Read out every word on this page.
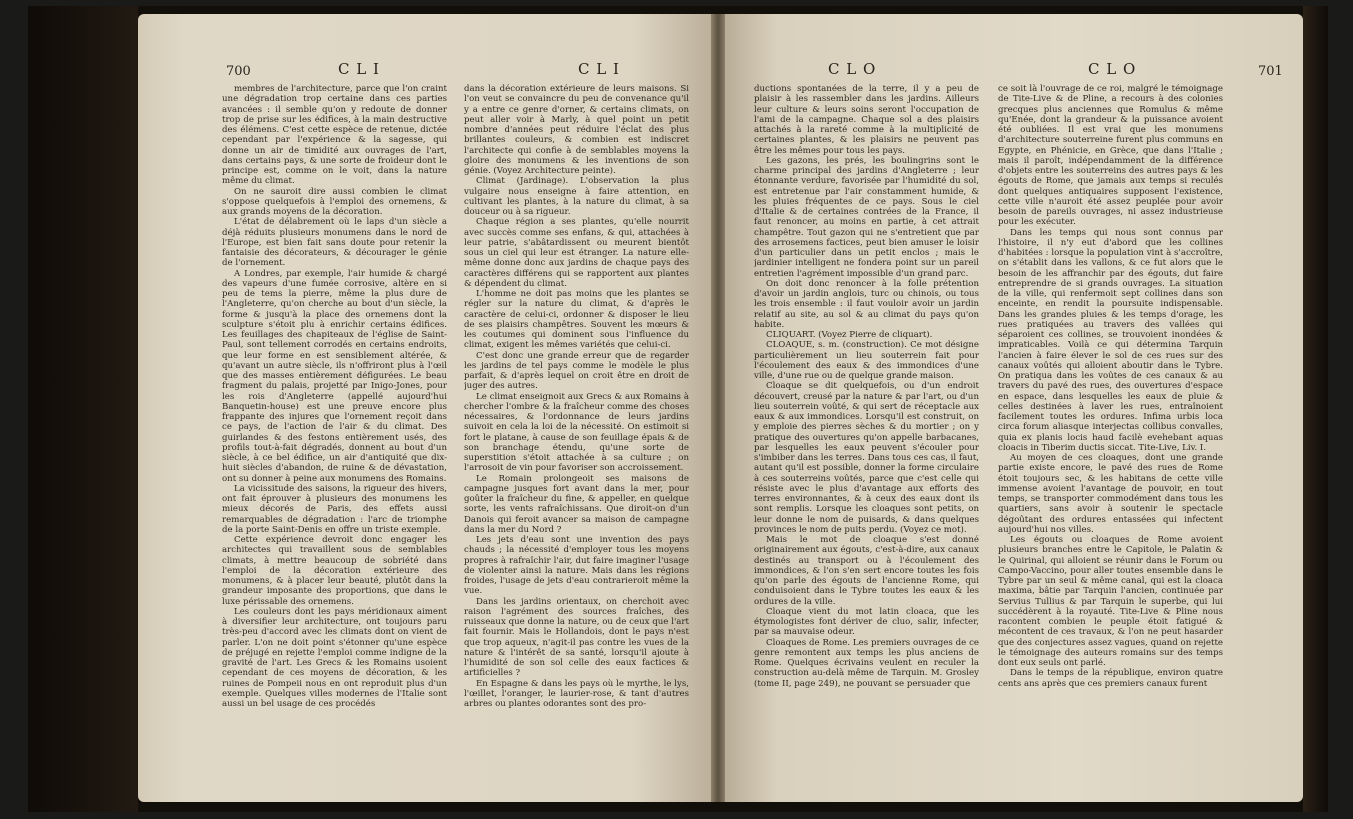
700	C L I	C L I

membres de l'architecture, parce que l'on craint une dégradation trop certaine dans ces parties avancées : il semble qu'on y redoute de donner trop de prise sur les édifices, à la main destructive des élémens. C'est cette espèce de retenue, dictée cependant par l'expérience & la sagesse, qui donne un air de timidité aux ouvrages de l'art, dans certains pays, & une sorte de froideur dont le principe est, comme on le voit, dans la nature même du climat.

On ne sauroit dire aussi combien le climat s'oppose quelquefois à l'emploi des ornemens, & aux grands moyens de la décoration.

L'état de délabrement où le laps d'un siècle a déjà réduits plusieurs monumens dans le nord de l'Europe, est bien fait sans doute pour retenir la fantaisie des décorateurs, & décourager le génie de l'ornement.

A Londres, par exemple, l'air humide & chargé des vapeurs d'une fumée corrosive, altère en si peu de tems la pierre, même la plus dure de l'Angleterre, qu'on cherche au bout d'un siècle, la forme & jusqu'à la place des ornemens dont la sculpture s'étoit plu à enrichir certains édifices. Les feuillages des chapiteaux de l'église de Saint-Paul, sont tellement corrodés en certains endroits, que leur forme en est sensiblement altérée, & qu'avant un autre siècle, ils n'offriront plus à l'œil que des masses entièrement défigurées. Le beau fragment du palais, projetté par Inigo-Jones, pour les rois d'Angleterre (appellé aujourd'hui Banquetin-house) est une preuve encore plus frappante des injures que l'ornement reçoit dans ce pays, de l'action de l'air & du climat. Des guirlandes & des festons entièrement usés, des profils tout-à-fait dégradés, donnent au bout d'un siècle, à ce bel édifice, un air d'antiquité que dix-huit siècles d'abandon, de ruine & de dévastation, ont su donner à peine aux monumens des Romains.

La vicissitude des saisons, la rigueur des hivers, ont fait éprouver à plusieurs des monumens les mieux décorés de Paris, des effets aussi remarquables de dégradation : l'arc de triomphe de la porte Saint-Denis en offre un triste exemple.

Cette expérience devroit donc engager les architectes qui travaillent sous de semblables climats, à mettre beaucoup de sobriété dans l'emploi de la décoration extérieure des monumens, & à placer leur beauté, plutôt dans la grandeur imposante des proportions, que dans le luxe périssable des ornemens.

Les couleurs dont les pays méridionaux aiment à diversifier leur architecture, ont toujours paru très-peu d'accord avec les climats dont on vient de parler. L'on ne doit point s'étonner qu'une espèce de préjugé en rejette l'emploi comme indigne de la gravité de l'art. Les Grecs & les Romains usoient cependant de ces moyens de décoration, & les ruines de Pompeii nous en ont reproduit plus d'un exemple. Quelques villes modernes de l'Italie sont aussi un bel usage de ces procédés

dans la décoration extérieure de leurs maisons. Si l'on veut se convaincre du peu de convenance qu'il y a entre ce genre d'orner, & certains climats, on peut aller voir à Marly, à quel point un petit nombre d'années peut réduire l'éclat des plus brillantes couleurs, & combien est indiscret l'architecte qui confie à de semblables moyens la gloire des monumens & les inventions de son génie. (Voyez Architecture peinte).

Climat (Jardinage). L'observation la plus vulgaire nous enseigne à faire attention, en cultivant les plantes, à la nature du climat, à sa douceur ou à sa rigueur.

Chaque région a ses plantes, qu'elle nourrit avec succès comme ses enfans, & qui, attachées à leur patrie, s'abâtardissent ou meurent bientôt sous un ciel qui leur est étranger. La nature elle-même donne donc aux jardins de chaque pays des caractères différens qui se rapportent aux plantes & dépendent du climat.

L'homme ne doit pas moins que les plantes se régler sur la nature du climat, & d'après le caractère de celui-ci, ordonner & disposer le lieu de ses plaisirs champêtres. Souvent les mœurs & les coutumes qui dominent sous l'influence du climat, exigent les mêmes variétés que celui-ci.

C'est donc une grande erreur que de regarder les jardins de tel pays comme le modèle le plus parfait, & d'après lequel on croit être en droit de juger des autres.

Le climat enseignoit aux Grecs & aux Romains à chercher l'ombre & la fraîcheur comme des choses nécessaires, & l'ordonnance de leurs jardins suivoit en cela la loi de la nécessité. On estimoit si fort le platane, à cause de son feuillage épais & de son branchage étendu, qu'une sorte de superstition s'étoit attachée à sa culture ; on l'arrosoit de vin pour favoriser son accroissement.

Le Romain prolongeoit ses maisons de campagne jusques fort avant dans la mer, pour goûter la fraîcheur du fine, & appeller, en quelque sorte, les vents rafraîchissans. Que diroit-on d'un Danois qui feroit avancer sa maison de campagne dans la mer du Nord ?

Les jets d'eau sont une invention des pays chauds ; la nécessité d'employer tous les moyens propres à rafraîchir l'air, dut faire imaginer l'usage de violenter ainsi la nature. Mais dans les régions froides, l'usage de jets d'eau contrarieroit même la vue.

Dans les jardins orientaux, on cherchoit avec raison l'agrément des sources fraîches, des ruisseaux que donne la nature, ou de ceux que l'art fait fournir. Mais le Hollandois, dont le pays n'est que trop aqueux, n'agit-il pas contre les vues de la nature & l'intérêt de sa santé, lorsqu'il ajoute à l'humidité de son sol celle des eaux factices & artificielles ?

En Espagne & dans les pays où le myrthe, le lys, l'œillet, l'oranger, le laurier-rose, & tant d'autres arbres ou plantes odorantes sont des pro-

C L O	C L O	701

ductions spontanées de la terre, il y a peu de plaisir à les rassembler dans les jardins. Ailleurs leur culture & leurs soins seront l'occupation de l'ami de la campagne. Chaque sol a des plaisirs attachés à la rareté comme à la multiplicité de certaines plantes, & les plaisirs ne peuvent pas être les mêmes pour tous les pays.

Les gazons, les prés, les boulingrins sont le charme principal des jardins d'Angleterre ; leur étonnante verdure, favorisée par l'humidité du sol, est entretenue par l'air constamment humide, & les pluies fréquentes de ce pays. Sous le ciel d'Italie & de certaines contrées de la France, il faut renoncer, au moins en partie, à cet attrait champêtre. Tout gazon qui ne s'entretient que par des arrosemens factices, peut bien amuser le loisir d'un particulier dans un petit enclos ; mais le jardinier intelligent ne fondera point sur un pareil entretien l'agrément impossible d'un grand parc.

On doit donc renoncer à la folle prétention d'avoir un jardin anglois, turc ou chinois, ou tous les trois ensemble : il faut vouloir avoir un jardin relatif au site, au sol & au climat du pays qu'on habite.

CLIQUART. (Voyez Pierre de cliquart).

CLOAQUE, s. m. (construction). Ce mot désigne particulièrement un lieu souterrein fait pour l'écoulement des eaux & des immondices d'une ville, d'une rue ou de quelque grande maison.

Cloaque se dit quelquefois, ou d'un endroit découvert, creusé par la nature & par l'art, ou d'un lieu souterrein voûté, & qui sert de réceptacle aux eaux & aux immondices. Lorsqu'il est construit, on y emploie des pierres sèches & du mortier ; on y pratique des ouvertures qu'on appelle barbacanes, par lesquelles les eaux peuvent s'écouler pour s'imbiber dans les terres. Dans tous ces cas, il faut, autant qu'il est possible, donner la forme circulaire à ces souterreins voûtés, parce que c'est celle qui résiste avec le plus d'avantage aux efforts des terres environnantes, & à ceux des eaux dont ils sont remplis. Lorsque les cloaques sont petits, on leur donne le nom de puisards, & dans quelques provinces le nom de puits perdu. (Voyez ce mot).

Mais le mot de cloaque s'est donné originairement aux égouts, c'est-à-dire, aux canaux destinés au transport ou à l'écoulement des immondices, & l'on s'en sert encore toutes les fois qu'on parle des égouts de l'ancienne Rome, qui conduisoient dans le Tybre toutes les eaux & les ordures de la ville.

Cloaque vient du mot latin cloaca, que les étymologistes font dériver de cluo, salir, infecter, par sa mauvaise odeur.

Cloaques de Rome. Les premiers ouvrages de ce genre remontent aux temps les plus anciens de Rome. Quelques écrivains veulent en reculer la construction au-delà même de Tarquin. M. Grosley (tome II, page 249), ne pouvant se persuader que

ce soit là l'ouvrage de ce roi, malgré le témoignage de Tite-Live & de Pline, a recours à des colonies grecques plus anciennes que Romulus & même qu'Enée, dont la grandeur & la puissance avoient été oubliées. Il est vrai que les monumens d'architecture souterreine furent plus communs en Egypte, en Phénicie, en Grèce, que dans l'Italie ; mais il paroît, indépendamment de la différence d'objets entre les souterreins des autres pays & les égouts de Rome, que jamais aux temps si reculés dont quelques antiquaires supposent l'existence, cette ville n'auroit été assez peuplée pour avoir besoin de pareils ouvrages, ni assez industrieuse pour les exécuter.

Dans les temps qui nous sont connus par l'histoire, il n'y eut d'abord que les collines d'habitées : lorsque la population vint à s'accroître, on s'établit dans les vallons, & ce fut alors que le besoin de les affranchir par des égouts, dut faire entreprendre de si grands ouvrages. La situation de la ville, qui renfermoit sept collines dans son enceinte, en rendit la poursuite indispensable. Dans les grandes pluies & les temps d'orage, les rues pratiquées au travers des vallées qui séparoient ces collines, se trouvoient inondées & impraticables. Voilà ce qui détermina Tarquin l'ancien à faire élever le sol de ces rues sur des canaux voûtés qui alloient aboutir dans le Tybre. On pratiqua dans les voûtes de ces canaux & au travers du pavé des rues, des ouvertures d'espace en espace, dans lesquelles les eaux de pluie & celles destinées à laver les rues, entraînoient facilement toutes les ordures. Infima urbis loca circa forum aliasque interjectas collibus convalles, quia ex planis locis haud facilè evehebant aquas cloacis in Tiberim ductis siccat. Tite-Live, Liv. I.

Au moyen de ces cloaques, dont une grande partie existe encore, le pavé des rues de Rome étoit toujours sec, & les habitans de cette ville immense avoient l'avantage de pouvoir, en tout temps, se transporter commodément dans tous les quartiers, sans avoir à soutenir le spectacle dégoûtant des ordures entassées qui infectent aujourd'hui nos villes.

Les égouts ou cloaques de Rome avoient plusieurs branches entre le Capitole, le Palatin & le Quirinal, qui alloient se réunir dans le Forum ou Campo-Vaccino, pour aller toutes ensemble dans le Tybre par un seul & même canal, qui est la cloaca maxima, bâtie par Tarquin l'ancien, continuée par Servius Tullius & par Tarquin le superbe, qui lui succédèrent à la royauté. Tite-Live & Pline nous racontent combien le peuple étoit fatigué & mécontent de ces travaux, & l'on ne peut hasarder que des conjectures assez vagues, quand on rejette le témoignage des auteurs romains sur des temps dont eux seuls ont parlé.

Dans le temps de la république, environ quatre cents ans après que ces premiers canaux furent
